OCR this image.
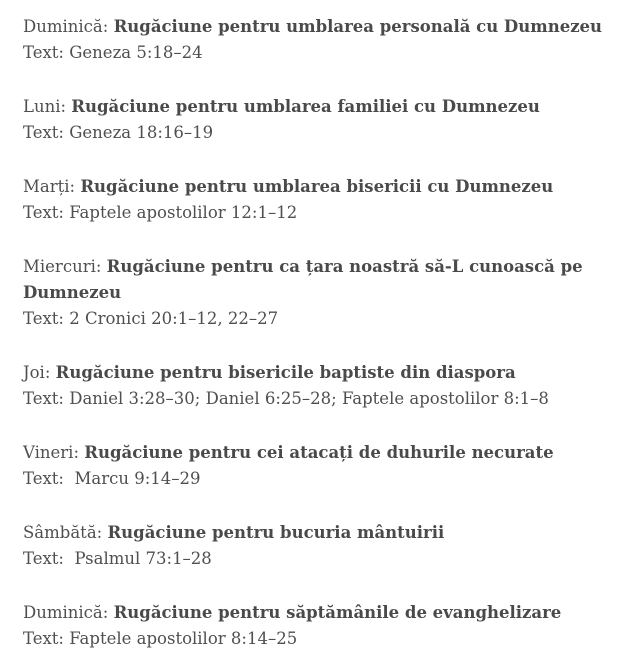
Duminică: Rugăciune pentru umblarea personală cu Dumnezeu
Text: Geneza 5:18–24
Luni: Rugăciune pentru umblarea familiei cu Dumnezeu
Text: Geneza 18:16–19
Marți: Rugăciune pentru umblarea bisericii cu Dumnezeu
Text: Faptele apostolilor 12:1–12
Miercuri: Rugăciune pentru ca țara noastră să-L cunoască pe Dumnezeu
Text: 2 Cronici 20:1–12, 22–27
Joi: Rugăciune pentru bisericile baptiste din diaspora
Text: Daniel 3:28–30; Daniel 6:25–28; Faptele apostolilor 8:1–8
Vineri: Rugăciune pentru cei atacați de duhurile necurate
Text:  Marcu 9:14–29
Sâmbătă: Rugăciune pentru bucuria mântuirii
Text:  Psalmul 73:1–28
Duminică: Rugăciune pentru săptămânile de evanghelizare
Text: Faptele apostolilor 8:14–25
